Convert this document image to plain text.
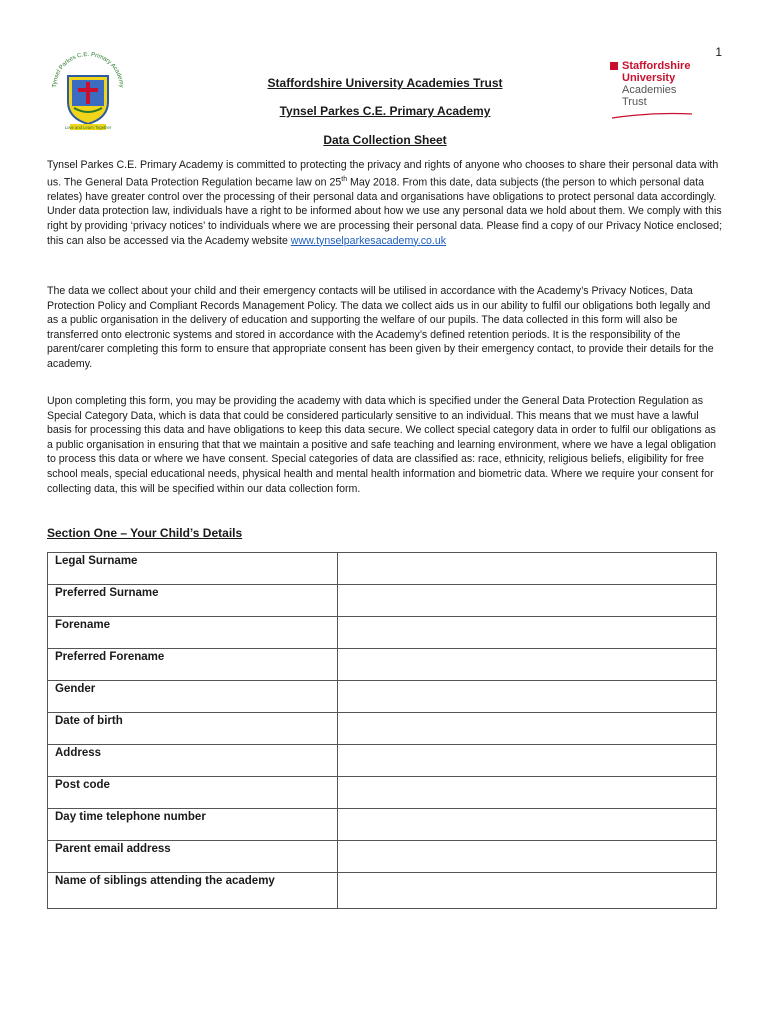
1
Tynsel Parkes C.E. Primary Academy
Love and Learn Together
Staffordshire
University
Academies
Trust
Staffordshire University Academies Trust
Tynsel Parkes C.E. Primary Academy
Data Collection Sheet

Tynsel Parkes C.E. Primary Academy is committed to protecting the privacy and rights of anyone who chooses to share their personal data with us. The General Data Protection Regulation became law on 25th May 2018. From this date, data subjects (the person to which personal data relates) have greater control over the processing of their personal data and organisations have obligations to protect personal data accordingly.

Under data protection law, individuals have a right to be informed about how we use any personal data we hold about them. We comply with this right by providing ‘privacy notices’ to individuals where we are processing their personal data. Please find a copy of our Privacy Notice enclosed; this can also be accessed via the Academy website www.tynselparkesacademy.co.uk

The data we collect about your child and their emergency contacts will be utilised in accordance with the Academy’s Privacy Notices, Data Protection Policy and Compliant Records Management Policy. The data we collect aids us in our ability to fulfil our obligations both legally and as a public organisation in the delivery of education and supporting the welfare of our pupils. The data collected in this form will also be transferred onto electronic systems and stored in accordance with the Academy’s defined retention periods. It is the responsibility of the parent/carer completing this form to ensure that appropriate consent has been given by their emergency contact, to provide their details for the academy.
Upon completing this form, you may be providing the academy with data which is specified under the General Data Protection Regulation as Special Category Data, which is data that could be considered particularly sensitive to an individual. This means that we must have a lawful basis for processing this data and have obligations to keep this data secure. We collect special category data in order to fulfil our obligations as a public organisation in ensuring that that we maintain a positive and safe teaching and learning environment, where we have a legal obligation to process this data or where we have consent. Special categories of data are classified as: race, ethnicity, religious beliefs, eligibility for free school meals, special educational needs, physical health and mental health information and biometric data. Where we require your consent for collecting data, this will be specified within our data collection form.
Section One – Your Child’s Details
Legal Surname	
Preferred Surname	
Forename	
Preferred Forename	
Gender	
Date of birth	
Address	
Post code	
Day time telephone number	
Parent email address	
Name of siblings attending the academy	
